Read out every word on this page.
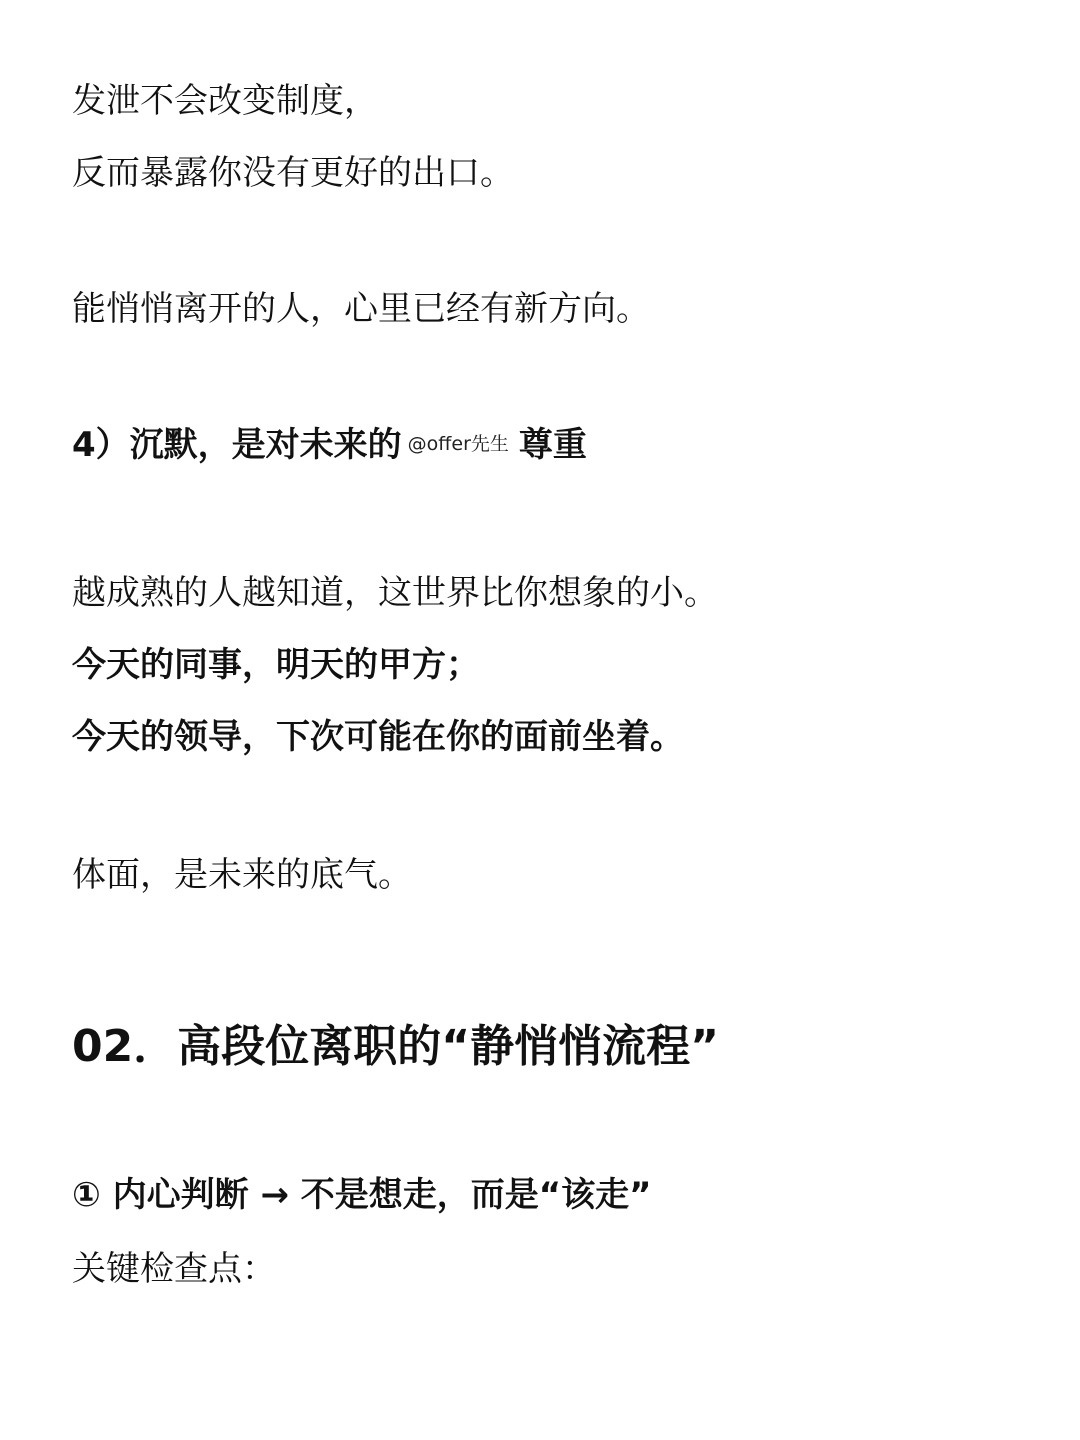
发泄不会改变制度，
反而暴露你没有更好的出口。
能悄悄离开的人，心里已经有新方向。
4）沉默，是对未来的 @offer先生 尊重
越成熟的人越知道，这世界比你想象的小。
今天的同事，明天的甲方；
今天的领导，下次可能在你的面前坐着。
体面，是未来的底气。
02．高段位离职的“静悄悄流程”
① 内心判断 → 不是想走，而是“该走”
关键检查点：
